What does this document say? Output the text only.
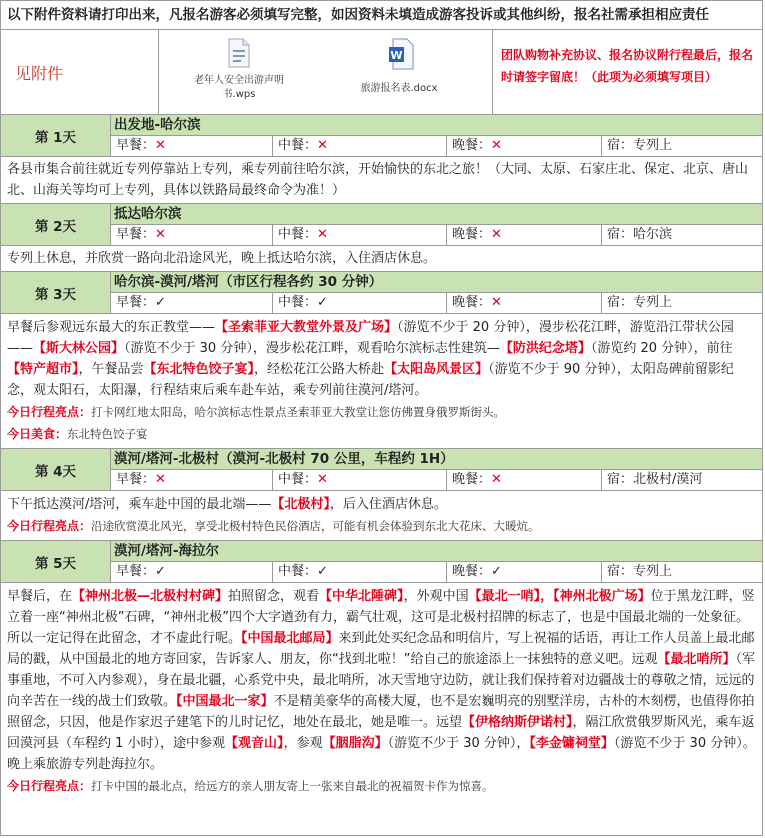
以下附件资料请打印出来，凡报名游客必须填写完整，如因资料未填造成游客投诉或其他纠纷，报名社需承担相应责任
见附件	老年人安全出游声明书.wps
W
旅游报名表.docx
团队购物补充协议、报名协议附行程最后，报名时请签字留底！（此项为必须填写项目）
第 1天
出发地-哈尔滨
早餐：✕	中餐：✕	晚餐：✕	宿：专列上
各县市集合前往就近专列停靠站上专列，乘专列前往哈尔滨，开始愉快的东北之旅！（大同、太原、石家庄北、保定、北京、唐山北、山海关等均可上专列，具体以铁路局最终命令为准！）
第 2天
抵达哈尔滨
早餐：✕	中餐：✕	晚餐：✕	宿：哈尔滨
专列上休息，并欣赏一路向北沿途风光，晚上抵达哈尔滨，入住酒店休息。
第 3天
哈尔滨-漠河/塔河（市区行程各约 30 分钟）
早餐：✓	中餐：✓	晚餐：✕	宿：专列上
早餐后参观远东最大的东正教堂——【圣索菲亚大教堂外景及广场】（游览不少于 20 分钟），漫步松花江畔，游览沿江带状公园——【斯大林公园】（游览不少于 30 分钟），漫步松花江畔，观看哈尔滨标志性建筑—【防洪纪念塔】（游览约 20 分钟），前往【特产超市】，午餐品尝【东北特色饺子宴】，经松花江公路大桥赴【太阳岛风景区】（游览不少于 90 分钟），太阳岛碑前留影纪念，观太阳石，太阳瀑，行程结束后乘车赴车站，乘专列前往漠河/塔河。
今日行程亮点：打卡网红地太阳岛，哈尔滨标志性景点圣索菲亚大教堂让您仿佛置身俄罗斯街头。
今日美食：东北特色饺子宴
第 4天
漠河/塔河-北极村（漠河-北极村 70 公里，车程约 1H）
早餐：✕	中餐：✕	晚餐：✕	宿：北极村/漠河
下午抵达漠河/塔河，乘车赴中国的最北端——【北极村】，后入住酒店休息。
今日行程亮点：沿途欣赏漠北风光，享受北极村特色民俗酒店，可能有机会体验到东北大花床、大暖炕。
第 5天
漠河/塔河-海拉尔
早餐：✓	中餐：✓	晚餐：✓	宿：专列上
早餐后，在【神州北极—北极村村碑】拍照留念，观看【中华北陲碑】，外观中国【最北一哨】，【神州北极广场】位于黑龙江畔，竖立着一座“神州北极”石碑，“神州北极”四个大字遒劲有力，霸气壮观，这可是北极村招牌的标志了，也是中国最北端的一处象征。所以一定记得在此留念，才不虚此行呢。【中国最北邮局】来到此处买纪念品和明信片，写上祝福的话语，再让工作人员盖上最北邮局的戳，从中国最北的地方寄回家，告诉家人、朋友，你“找到北啦！”给自己的旅途添上一抹独特的意义吧。远观【最北哨所】（军事重地，不可入内参观），身在最北疆，心系党中央，最北哨所，冰天雪地守边防，就让我们保持着对边疆战士的尊敬之情，远远的向辛苦在一线的战士们致敬。【中国最北一家】不是精美豪华的高楼大厦，也不是宏巍明亮的别墅洋房，古朴的木刻楞，也值得你拍照留念，只因，他是作家迟子建笔下的儿时记忆，地处在最北，她是唯一。远望【伊格纳斯伊诺村】，隔江欣赏俄罗斯风光，乘车返回漠河县（车程约 1 小时），途中参观【观音山】，参观【胭脂沟】（游览不少于 30 分钟），【李金镛祠堂】（游览不少于 30 分钟）。晚上乘旅游专列赴海拉尔。
今日行程亮点：打卡中国的最北点，给远方的亲人朋友寄上一张来自最北的祝福贺卡作为惊喜。
